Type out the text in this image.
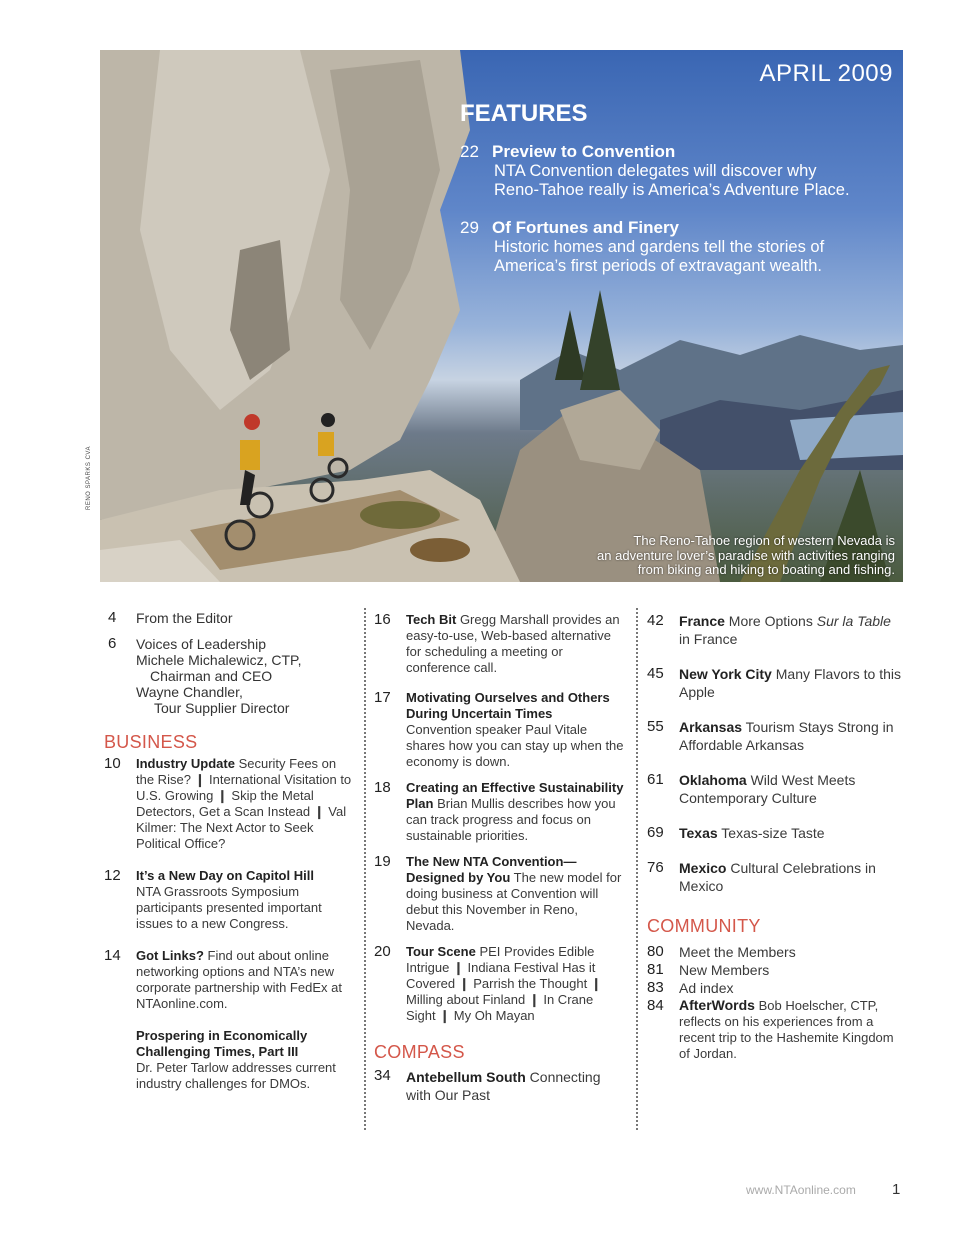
APRIL 2009
FEATURES
22 Preview to Convention
NTA Convention delegates will discover why
Reno-Tahoe really is America’s Adventure Place.
29 Of Fortunes and Finery
Historic homes and gardens tell the stories of
America’s first periods of extravagant wealth.
The Reno-Tahoe region of western Nevada is
an adventure lover’s paradise with activities ranging
from biking and hiking to boating and fishing.
RENO SPARKS CVA
4 From the Editor
6 Voices of Leadership
Michele Michalewicz, CTP,
Chairman and CEO
Wayne Chandler,
Tour Supplier Director
BUSINESS
10 Industry Update Security Fees on the Rise? ❙ International Visitation to U.S. Growing ❙ Skip the Metal Detectors, Get a Scan Instead ❙ Val Kilmer: The Next Actor to Seek Political Office?
12 It’s a New Day on Capitol Hill
NTA Grassroots Symposium participants presented important issues to a new Congress.
14 Got Links? Find out about online networking options and NTA’s new corporate partnership with FedEx at NTAonline.com.
Prospering in Economically Challenging Times, Part III
Dr. Peter Tarlow addresses current industry challenges for DMOs.
16 Tech Bit Gregg Marshall provides an easy-to-use, Web-based alternative for scheduling a meeting or conference call.
17 Motivating Ourselves and Others During Uncertain Times
Convention speaker Paul Vitale shares how you can stay up when the economy is down.
18 Creating an Effective Sustainability Plan Brian Mullis describes how you can track progress and focus on sustainable priorities.
19 The New NTA Convention—Designed by You The new model for doing business at Convention will debut this November in Reno, Nevada.
20 Tour Scene PEI Provides Edible Intrigue ❙ Indiana Festival Has it Covered ❙ Parrish the Thought ❙ Milling about Finland ❙ In Crane Sight ❙ My Oh Mayan
COMPASS
34 Antebellum South Connecting with Our Past
42 France More Options Sur la Table in France
45 New York City Many Flavors to this Apple
55 Arkansas Tourism Stays Strong in Affordable Arkansas
61 Oklahoma Wild West Meets Contemporary Culture
69 Texas Texas-size Taste
76 Mexico Cultural Celebrations in Mexico
COMMUNITY
80 Meet the Members
81 New Members
83 Ad index
84 AfterWords Bob Hoelscher, CTP, reflects on his experiences from a recent trip to the Hashemite Kingdom of Jordan.
www.NTAonline.com 1
